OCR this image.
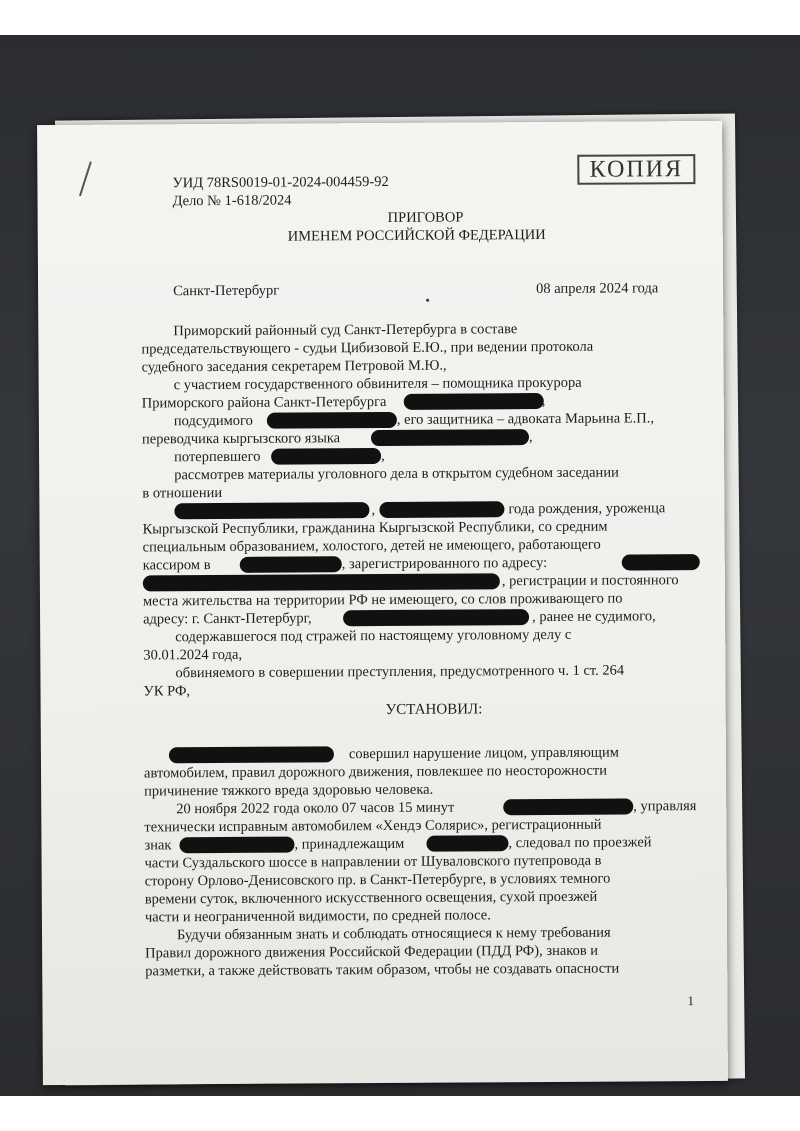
КОПИЯ
УИД 78RS0019-01-2024-004459-92
Дело № 1-618/2024
ПРИГОВОР
ИМЕНЕМ РОССИЙСКОЙ ФЕДЕРАЦИИ
Санкт-Петербург	08 апреля 2024 года
Приморский районный суд Санкт-Петербурга в составе
председательствующего - судьи Цибизовой Е.Ю., при ведении протокола
судебного заседания секретарем Петровой М.Ю.,
с участием государственного обвинителя – помощника прокурора
Приморского района Санкт-Петербурга	,
подсудимого	, его защитника – адвоката Марьина Е.П.,
переводчика кыргызского языка	,
потерпевшего	,
рассмотрев материалы уголовного дела в открытом судебном заседании
в отношении
,	года рождения, уроженца
Кыргызской Республики, гражданина Кыргызской Республики, со средним
специальным образованием, холостого, детей не имеющего, работающего
кассиром в	, зарегистрированного по адресу:
, регистрации и постоянного
места жительства на территории РФ не имеющего, со слов проживающего по
адресу: г. Санкт-Петербург,	, ранее не судимого,
содержавшегося под стражей по настоящему уголовному делу с
30.01.2024 года,
обвиняемого в совершении преступления, предусмотренного ч. 1 ст. 264
УК РФ,
УСТАНОВИЛ:
совершил нарушение лицом, управляющим
автомобилем, правил дорожного движения, повлекшее по неосторожности
причинение тяжкого вреда здоровью человека.
20 ноября 2022 года около 07 часов 15 минут	, управляя
технически исправным автомобилем «Хендэ Солярис», регистрационный
знак	, принадлежащим	, следовал по проезжей
части Суздальского шоссе в направлении от Шуваловского путепровода в
сторону Орлово-Денисовского пр. в Санкт-Петербурге, в условиях темного
времени суток, включенного искусственного освещения, сухой проезжей
части и неограниченной видимости, по средней полосе.
Будучи обязанным знать и соблюдать относящиеся к нему требования
Правил дорожного движения Российской Федерации (ПДД РФ), знаков и
разметки, а также действовать таким образом, чтобы не создавать опасности
1
